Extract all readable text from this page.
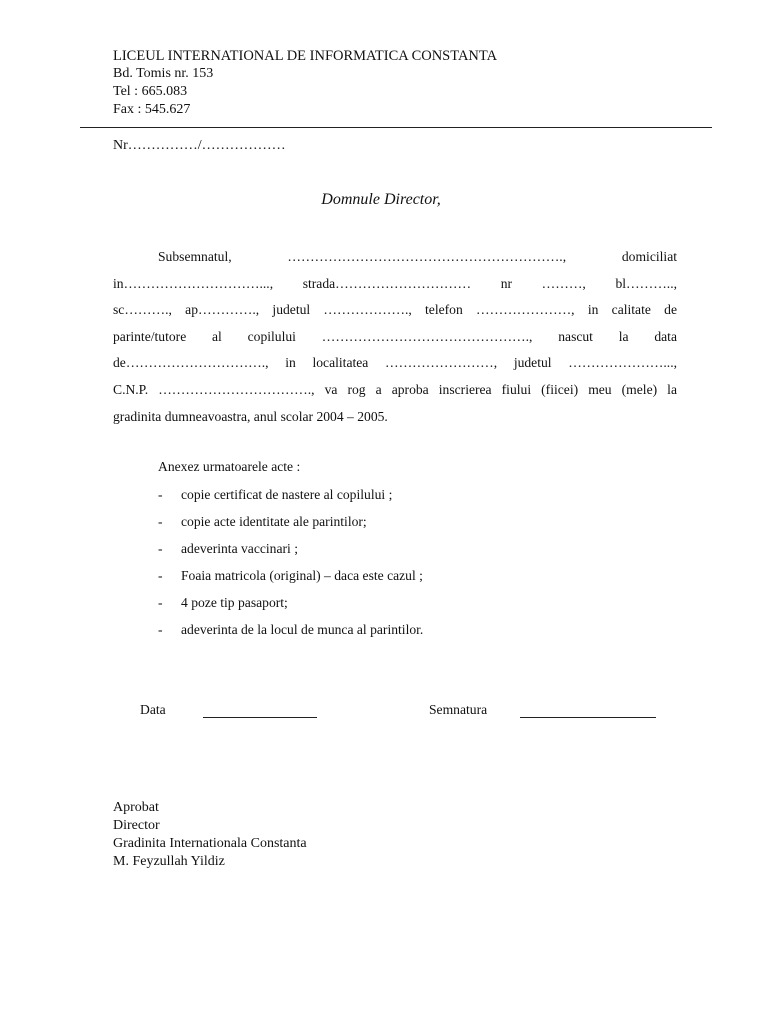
LICEUL INTERNATIONAL DE INFORMATICA CONSTANTA
Bd. Tomis nr. 153
Tel : 665.083
Fax : 545.627
Nr……………/………………
Domnule Director,
Subsemnatul, ……………………………………………………., domiciliat
in…………………………..., strada………………………… nr ………, bl………..,
sc………., ap…………., judetul ………………., telefon …………………, in calitate de
parinte/tutore al copilului ………………………………………., nascut la data
de…………………………., in localitatea ……………………, judetul …………………...,
C.N.P. ……………………………., va rog a aproba inscrierea fiului (fiicei) meu (mele) la
gradinita dumneavoastra, anul scolar 2004 – 2005.
Anexez urmatoarele acte :
-	copie certificat de nastere al copilului ;
-	copie acte identitate ale parintilor;
-	adeverinta vaccinari ;
-	Foaia matricola (original) – daca este cazul ;
-	4 poze tip pasaport;
-	adeverinta de la locul de munca al parintilor.
Data	Semnatura
Aprobat
Director
Gradinita Internationala Constanta
M. Feyzullah Yildiz
